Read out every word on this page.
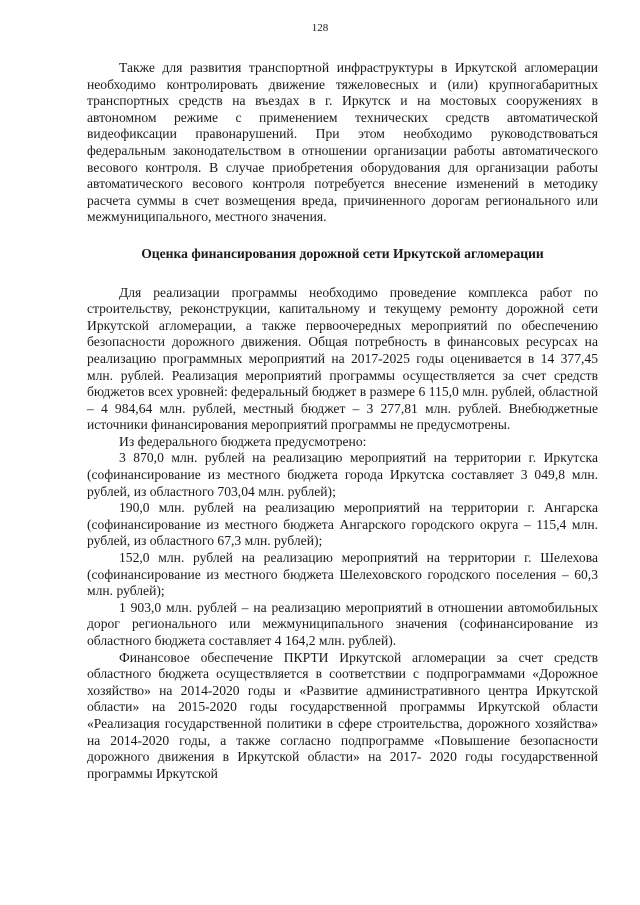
128

Также для развития транспортной инфраструктуры в Иркутской агломерации необходимо контролировать движение тяжеловесных и (или) крупногабаритных транспортных средств на въездах в г. Иркутск и на мостовых сооружениях в автономном режиме с применением технических средств автоматической видеофиксации правонарушений. При этом необходимо руководствоваться федеральным законодательством в отношении организации работы автоматического весового контроля. В случае приобретения оборудования для организации работы автоматического весового контроля потребуется внесение изменений в методику расчета суммы в счет возмещения вреда, причиненного дорогам регионального или межмуниципального, местного значения.

Оценка финансирования дорожной сети Иркутской агломерации

Для реализации программы необходимо проведение комплекса работ по строительству, реконструкции, капитальному и текущему ремонту дорожной сети Иркутской агломерации, а также первоочередных мероприятий по обеспечению безопасности дорожного движения. Общая потребность в финансовых ресурсах на реализацию программных мероприятий на 2017-2025 годы оценивается в 14 377,45 млн. рублей. Реализация мероприятий программы осуществляется за счет средств бюджетов всех уровней: федеральный бюджет в размере 6 115,0 млн. рублей, областной – 4 984,64 млн. рублей, местный бюджет – 3 277,81 млн. рублей. Внебюджетные источники финансирования мероприятий программы не предусмотрены.

Из федерального бюджета предусмотрено:

3 870,0 млн. рублей на реализацию мероприятий на территории г. Иркутска (софинансирование из местного бюджета города Иркутска составляет 3 049,8 млн. рублей, из областного 703,04 млн. рублей);

190,0 млн. рублей на реализацию мероприятий на территории г. Ангарска (софинансирование из местного бюджета Ангарского городского округа – 115,4 млн. рублей, из областного 67,3 млн. рублей);

152,0 млн. рублей на реализацию мероприятий на территории г. Шелехова (софинансирование из местного бюджета Шелеховского городского поселения – 60,3 млн. рублей);

1 903,0 млн. рублей – на реализацию мероприятий в отношении автомобильных дорог регионального или межмуниципального значения (софинансирование из областного бюджета составляет 4 164,2 млн. рублей).

Финансовое обеспечение ПКРТИ Иркутской агломерации за счет средств областного бюджета осуществляется в соответствии с подпрограммами «Дорожное хозяйство» на 2014-2020 годы и «Развитие административного центра Иркутской области» на 2015-2020 годы государственной программы Иркутской области «Реализация государственной политики в сфере строительства, дорожного хозяйства» на 2014-2020 годы, а также согласно подпрограмме «Повышение безопасности дорожного движения в Иркутской области» на 2017- 2020 годы государственной программы Иркутской
